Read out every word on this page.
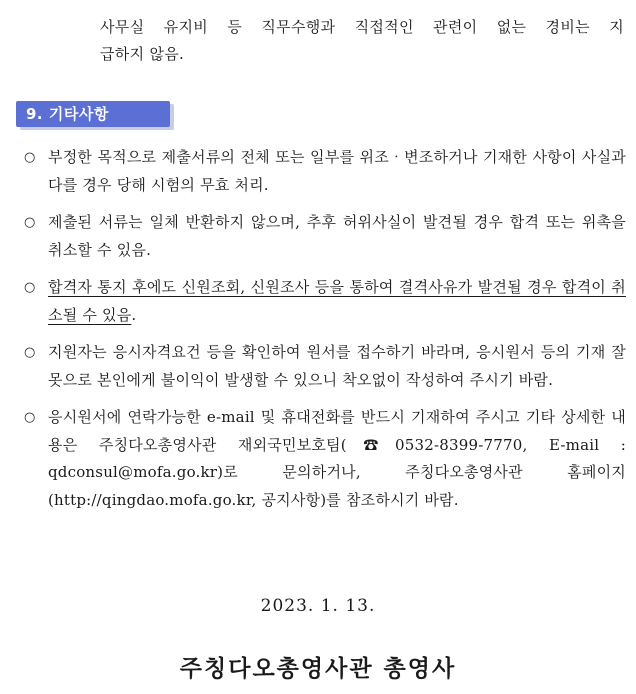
사무실 유지비 등 직무수행과 직접적인 관련이 없는 경비는 지
급하지 않음.
9. 기타사항
○ 부정한 목적으로 제출서류의 전체 또는 일부를 위조‧변조하거나 기재한 사항이 사실과 다를 경우 당해 시험의 무효 처리.
○ 제출된 서류는 일체 반환하지 않으며, 추후 허위사실이 발견될 경우 합격 또는 위촉을 취소할 수 있음.
○ 합격자 통지 후에도 신원조회, 신원조사 등을 통하여 결격사유가 발견될 경우 합격이 취소될 수 있음.
○ 지원자는 응시자격요건 등을 확인하여 원서를 접수하기 바라며, 응시원서 등의 기재 잘못으로 본인에게 불이익이 발생할 수 있으니 착오없이 작성하여 주시기 바람.
○ 응시원서에 연락가능한 e-mail 및 휴대전화를 반드시 기재하여 주시고 기타 상세한 내용은 주칭다오총영사관 재외국민보호팀(☎0532-8399-7770, E-mail : qdconsul@mofa.go.kr)로 문의하거나, 주칭다오총영사관 홈페이지(http://qingdao.mofa.go.kr, 공지사항)를 참조하시기 바람.
2023. 1. 13.
주칭다오총영사관 총영사
